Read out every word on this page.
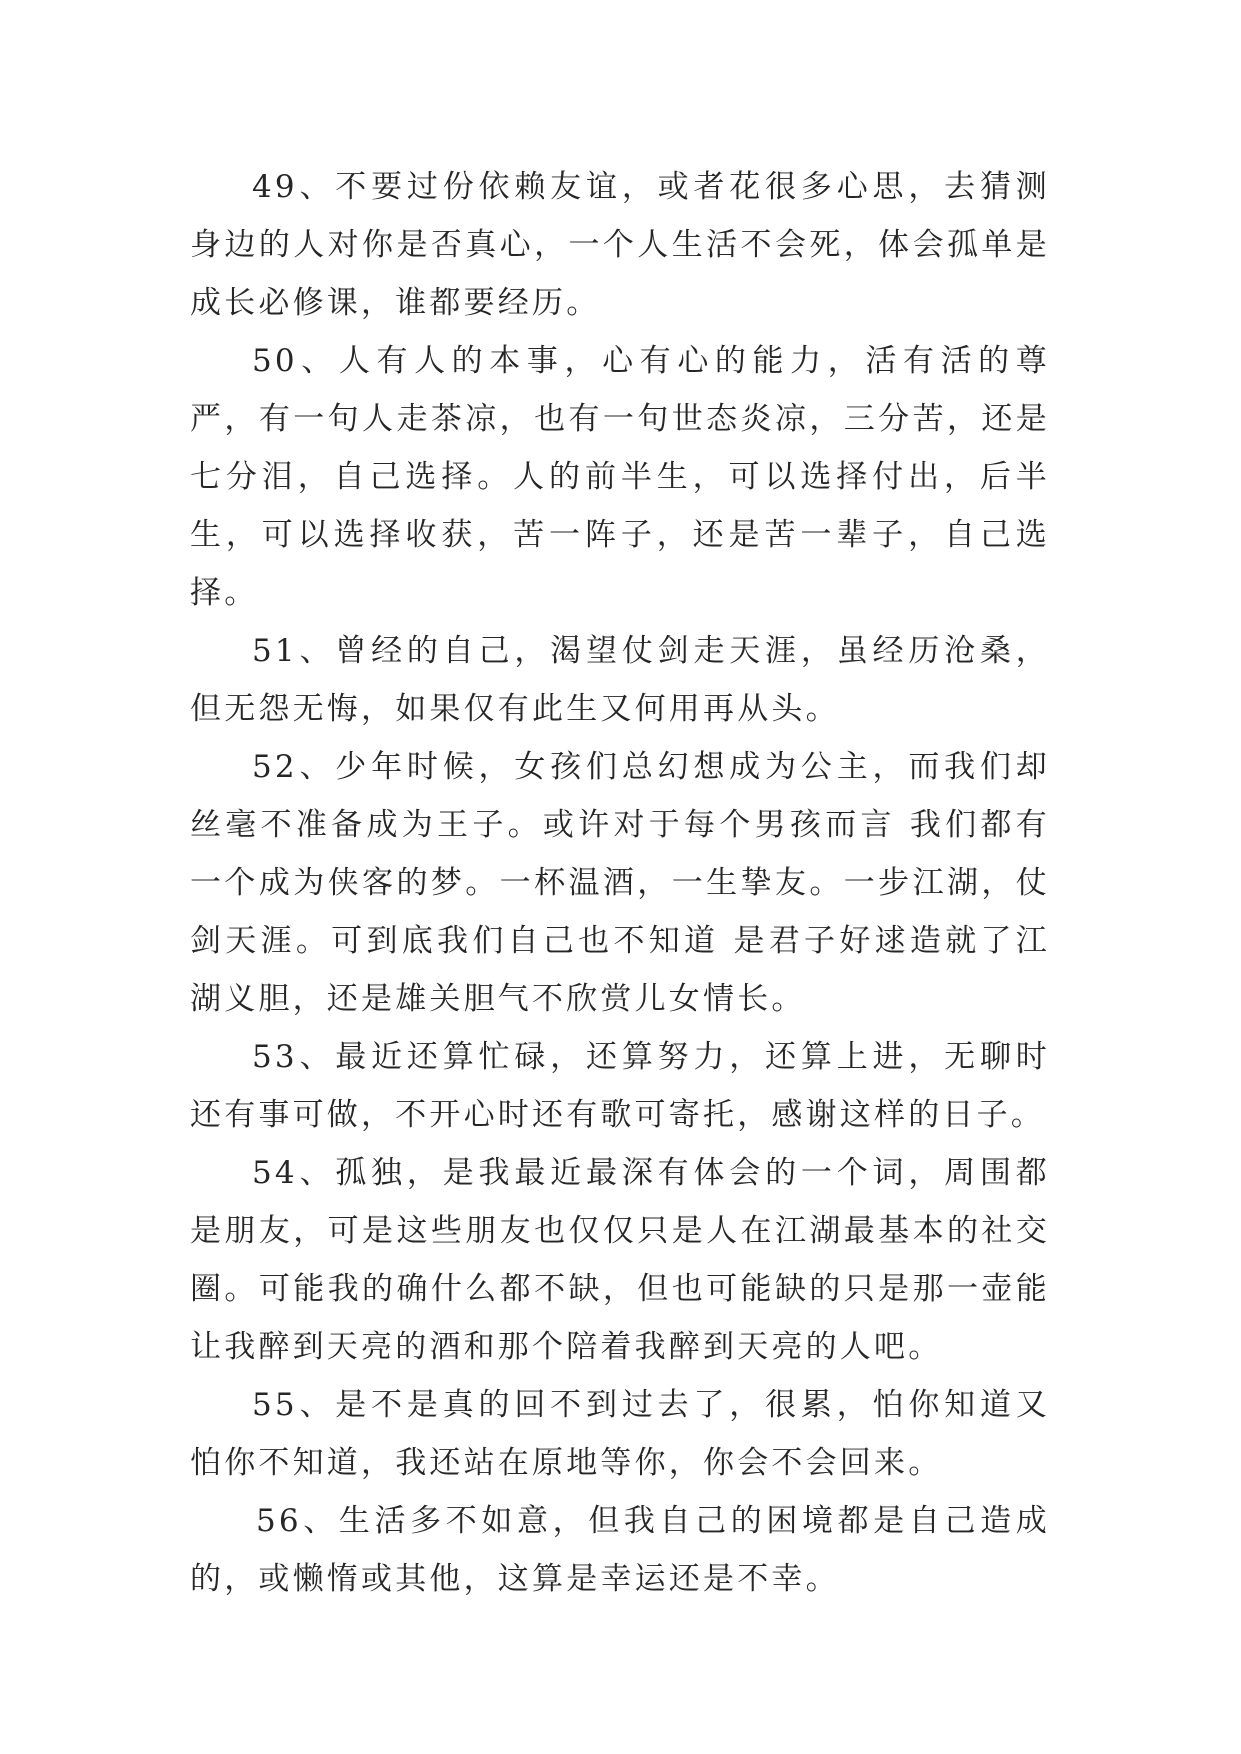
49、不要过份依赖友谊，或者花很多心思，去猜测身边的人对你是否真心，一个人生活不会死，体会孤单是成长必修课，谁都要经历。

50、人有人的本事，心有心的能力，活有活的尊严，有一句人走茶凉，也有一句世态炎凉，三分苦，还是七分泪，自己选择。人的前半生，可以选择付出，后半生，可以选择收获，苦一阵子，还是苦一辈子，自己选择。

51、曾经的自己，渴望仗剑走天涯，虽经历沧桑，但无怨无悔，如果仅有此生又何用再从头。

52、少年时候，女孩们总幻想成为公主，而我们却丝毫不准备成为王子。或许对于每个男孩而言 我们都有一个成为侠客的梦。一杯温酒，一生挚友。一步江湖，仗剑天涯。可到底我们自己也不知道 是君子好逑造就了江湖义胆，还是雄关胆气不欣赏儿女情长。

53、最近还算忙碌，还算努力，还算上进，无聊时还有事可做，不开心时还有歌可寄托，感谢这样的日子。

54、孤独，是我最近最深有体会的一个词，周围都是朋友，可是这些朋友也仅仅只是人在江湖最基本的社交圈。可能我的确什么都不缺，但也可能缺的只是那一壶能让我醉到天亮的酒和那个陪着我醉到天亮的人吧。

55、是不是真的回不到过去了，很累，怕你知道又怕你不知道，我还站在原地等你，你会不会回来。

56、生活多不如意，但我自己的困境都是自己造成的，或懒惰或其他，这算是幸运还是不幸。
